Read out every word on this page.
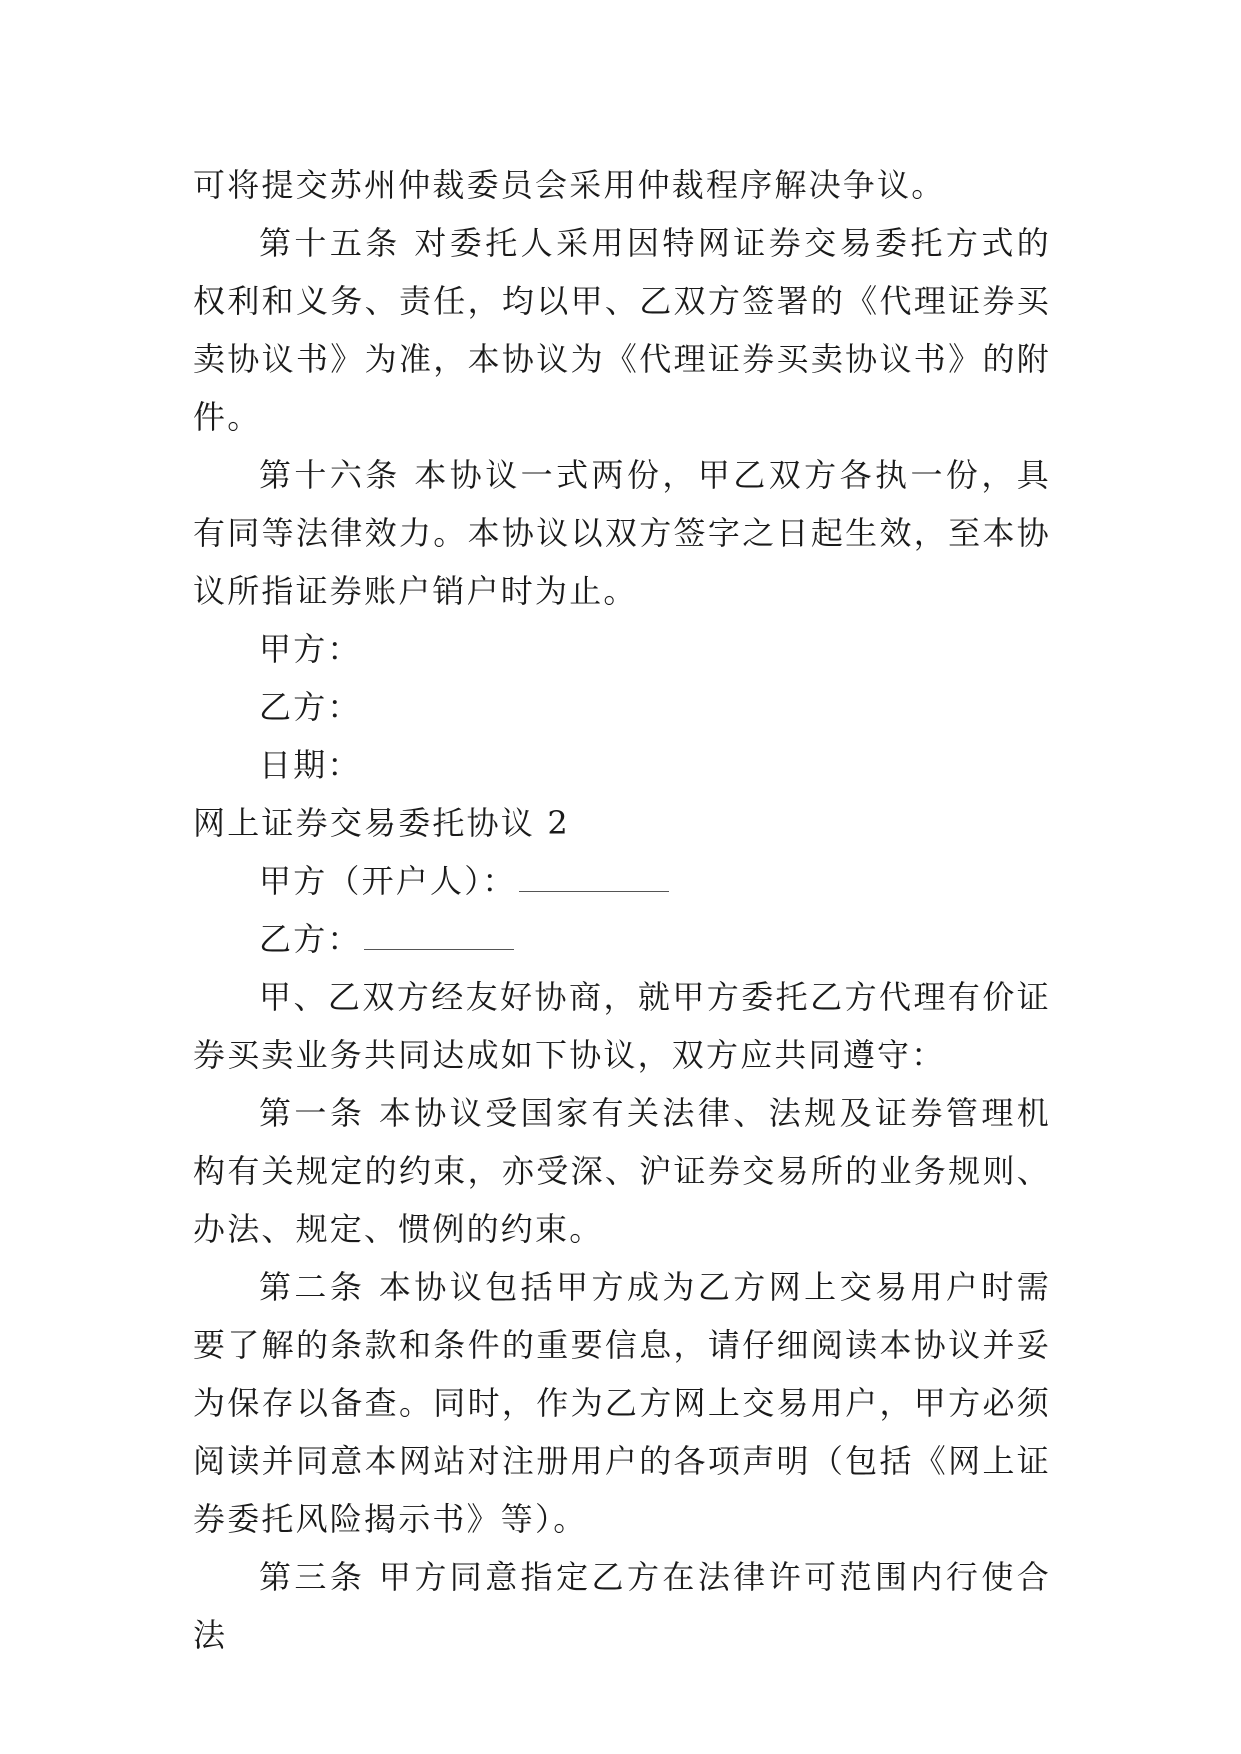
可将提交苏州仲裁委员会采用仲裁程序解决争议。

第十五条 对委托人采用因特网证券交易委托方式的权利和义务、责任，均以甲、乙双方签署的《代理证券买卖协议书》为准，本协议为《代理证券买卖协议书》的附件。

第十六条 本协议一式两份，甲乙双方各执一份，具有同等法律效力。本协议以双方签字之日起生效，至本协议所指证券账户销户时为止。

甲方：

乙方：

日期：

网上证券交易委托协议 2

甲方（开户人）：

乙方：

甲、乙双方经友好协商，就甲方委托乙方代理有价证券买卖业务共同达成如下协议，双方应共同遵守：

第一条 本协议受国家有关法律、法规及证券管理机构有关规定的约束，亦受深、沪证券交易所的业务规则、办法、规定、惯例的约束。

第二条 本协议包括甲方成为乙方网上交易用户时需要了解的条款和条件的重要信息，请仔细阅读本协议并妥为保存以备查。同时，作为乙方网上交易用户，甲方必须阅读并同意本网站对注册用户的各项声明（包括《网上证券委托风险揭示书》等）。

第三条 甲方同意指定乙方在法律许可范围内行使合法
